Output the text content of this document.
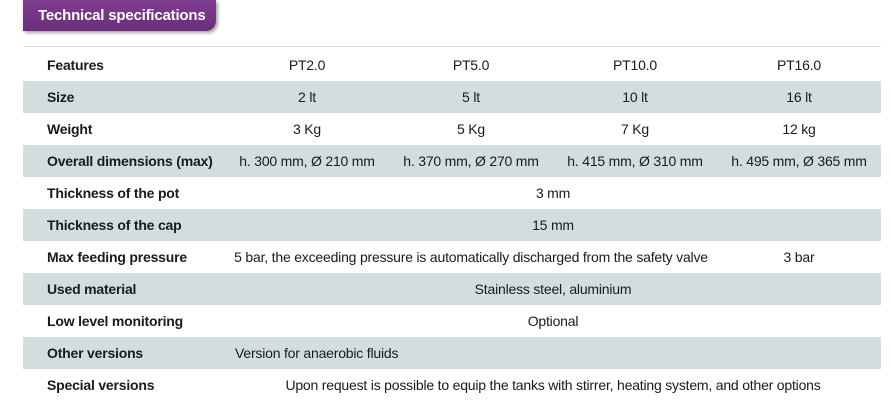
Technical specifications
Features	PT2.0	PT5.0	PT10.0	PT16.0
Size	2 lt	5 lt	10 lt	16 lt
Weight	3 Kg	5 Kg	7 Kg	12 kg
Overall dimensions (max)	h. 300 mm, Ø 210 mm	h. 370 mm, Ø 270 mm	h. 415 mm, Ø 310 mm	h. 495 mm, Ø 365 mm
Thickness of the pot	3 mm			
Thickness of the cap	15 mm			
Max feeding pressure	5 bar, the exceeding pressure is automatically discharged from the safety valve			3 bar
Used material	Stainless steel, aluminium			
Low level monitoring	Optional			
Other versions	Version for anaerobic fluids			
Special versions	Upon request is possible to equip the tanks with stirrer, heating system, and other options			
